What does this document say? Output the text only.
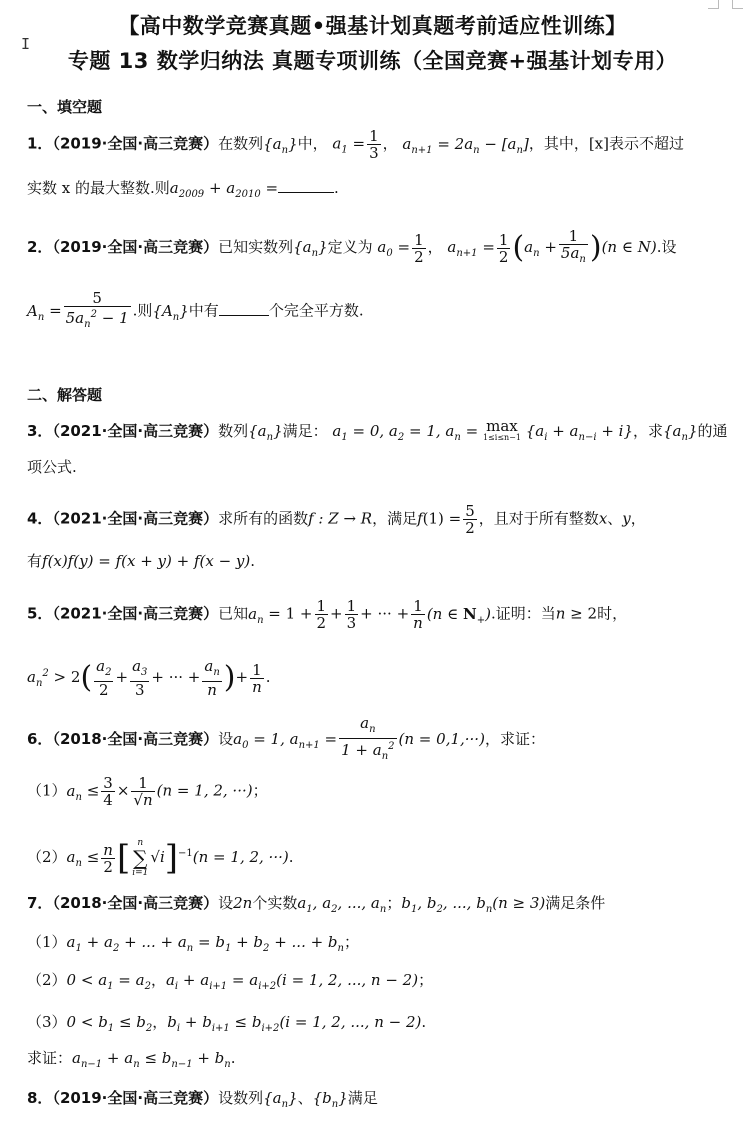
I
【高中数学竞赛真题•强基计划真题考前适应性训练】
专题 13 数学归纳法 真题专项训练（全国竞赛+强基计划专用）
一、填空题
1．（2019·全国·高三竞赛）在数列$\{a_n\}$中， $a_1 = \frac{1}{3}$ ， $a_{n+1} = 2a_n - [a_n]$，其中，[x]表示不超过
实数 x 的最大整数.则$a_{2009} + a_{2010}$ =	.
2．（2019·全国·高三竞赛）已知实数列$\{a_n\}$定义为 $a_0 = \frac{1}{2}$ ， $a_{n+1} = \frac{1}{2} (a_n + \frac{1}{5a_n} )(n$ ∈ N).设
$A_n = \frac{5}{5a_n^2 - 1}$ .则$\{A_n\}$中有	个完全平方数.
二、解答题
3．（2021·全国·高三竞赛）数列$\{a_n\}$满足： $a_1 = 0$, $a_2 = 1$, $a_n = \max$
1≤i≤n−1 $\{a_i + a_{n-i} + i\}$，求$\{a_n\}$的通
项公式.
4．（2021·全国·高三竞赛）求所有的函数f : Z → R，满足$f(1) = \frac{5}{2}$ ，且对于所有整数x、y，
有f(x)f(y) = f(x + y) + f(x − y).
5．（2021·全国·高三竞赛）已知$a_n = 1 + \frac{1}{2} + \frac{1}{3}$ + ··· + $\frac{1}{n} (n$ ∈ $N_+$).证明：当n ≥ 2时，
$a_n^2 > 2( \frac{a_2}{2} + \frac{a_3}{3}$ + ··· + $\frac{a_n}{n}$ )+ $\frac{1}{n}$ .
6．（2018·全国·高三竞赛）设$a_0 = 1$, $a_{n+1} = \frac{a_n}{1 + a_n^2} (n = 0,1,\cdot\cdot\cdot)$，求证：
$(1)a_n \le \frac{3}{4} \times \frac{1}{√n} (n = 1$, 2, ···)；
$(2)a_n \le \frac{n}{2}$ [ n
∑
i=1
√i]$^{-1}$(n = 1, 2, ···).
7．（2018·全国·高三竞赛）设2n个实数$a_1$, $a_2$, ..., $a_n$；$b_1$, $b_2$, ..., $b_n(n \ge 3)$满足条件
$(1)a_1 + a_2$ + ... + $a_n = b_1 + b_2$ + ... + $b_n$；
$(2)0 < a_1 = a_2$，$a_i + a_{i+1} = a_{i+2}(i = 1$, 2, ..., n − 2)；
$(3)0 < b_1 \le b_2$，$b_i + b_{i+1} \le b_{i+2}(i = 1$, 2, ..., n − 2).
求证：$a_{n-1} + a_n \le b_{n-1} + b_n$.
8．（2019·全国·高三竞赛）设数列$\{a_n\}$、$\{b_n\}$满足
